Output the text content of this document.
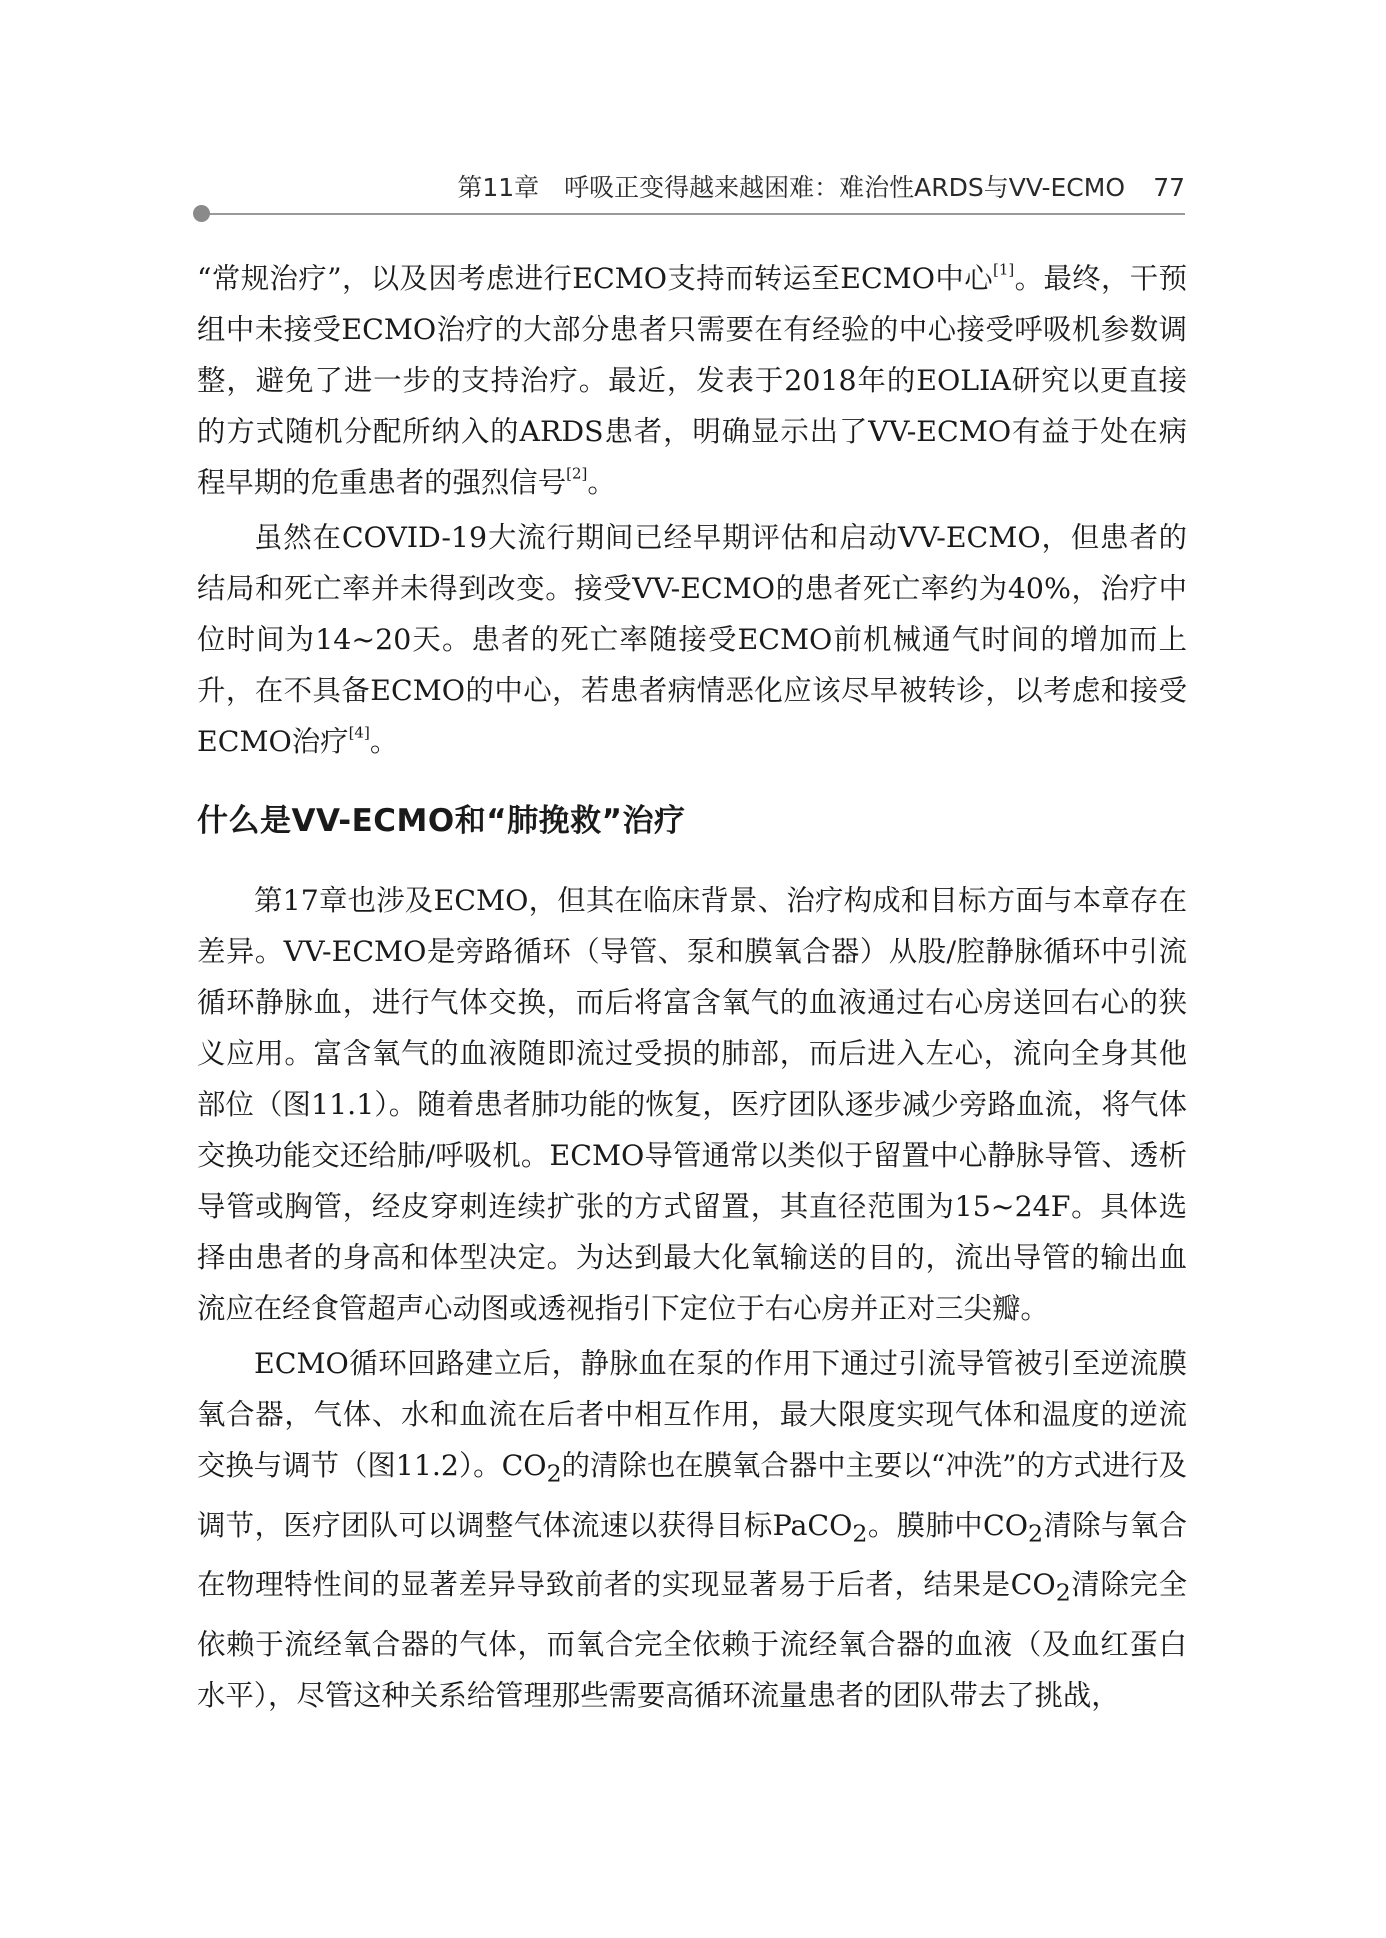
第11章　呼吸正变得越来越困难：难治性ARDS与VV-ECMO 77

“常规治疗”，以及因考虑进行ECMO支持而转运至ECMO中心[1]。最终，干预组中未接受ECMO治疗的大部分患者只需要在有经验的中心接受呼吸机参数调整，避免了进一步的支持治疗。最近，发表于2018年的EOLIA研究以更直接的方式随机分配所纳入的ARDS患者，明确显示出了VV-ECMO有益于处在病程早期的危重患者的强烈信号[2]。

虽然在COVID-19大流行期间已经早期评估和启动VV-ECMO，但患者的结局和死亡率并未得到改变。接受VV-ECMO的患者死亡率约为40%，治疗中位时间为14~20天。患者的死亡率随接受ECMO前机械通气时间的增加而上升，在不具备ECMO的中心，若患者病情恶化应该尽早被转诊，以考虑和接受ECMO治疗[4]。

什么是VV-ECMO和“肺挽救”治疗

第17章也涉及ECMO，但其在临床背景、治疗构成和目标方面与本章存在差异。VV-ECMO是旁路循环（导管、泵和膜氧合器）从股/腔静脉循环中引流循环静脉血，进行气体交换，而后将富含氧气的血液通过右心房送回右心的狭义应用。富含氧气的血液随即流过受损的肺部，而后进入左心，流向全身其他部位（图11.1）。随着患者肺功能的恢复，医疗团队逐步减少旁路血流，将气体交换功能交还给肺/呼吸机。ECMO导管通常以类似于留置中心静脉导管、透析导管或胸管，经皮穿刺连续扩张的方式留置，其直径范围为15~24F。具体选择由患者的身高和体型决定。为达到最大化氧输送的目的，流出导管的输出血流应在经食管超声心动图或透视指引下定位于右心房并正对三尖瓣。

ECMO循环回路建立后，静脉血在泵的作用下通过引流导管被引至逆流膜氧合器，气体、水和血流在后者中相互作用，最大限度实现气体和温度的逆流交换与调节（图11.2）。$CO_2$的清除也在膜氧合器中主要以“冲洗”的方式进行及调节，医疗团队可以调整气体流速以获得目标PaCO$_2$。膜肺中$CO_2$清除与氧合在物理特性间的显著差异导致前者的实现显著易于后者，结果是$CO_2$清除完全依赖于流经氧合器的气体，而氧合完全依赖于流经氧合器的血液（及血红蛋白水平），尽管这种关系给管理那些需要高循环流量患者的团队带去了挑战，
